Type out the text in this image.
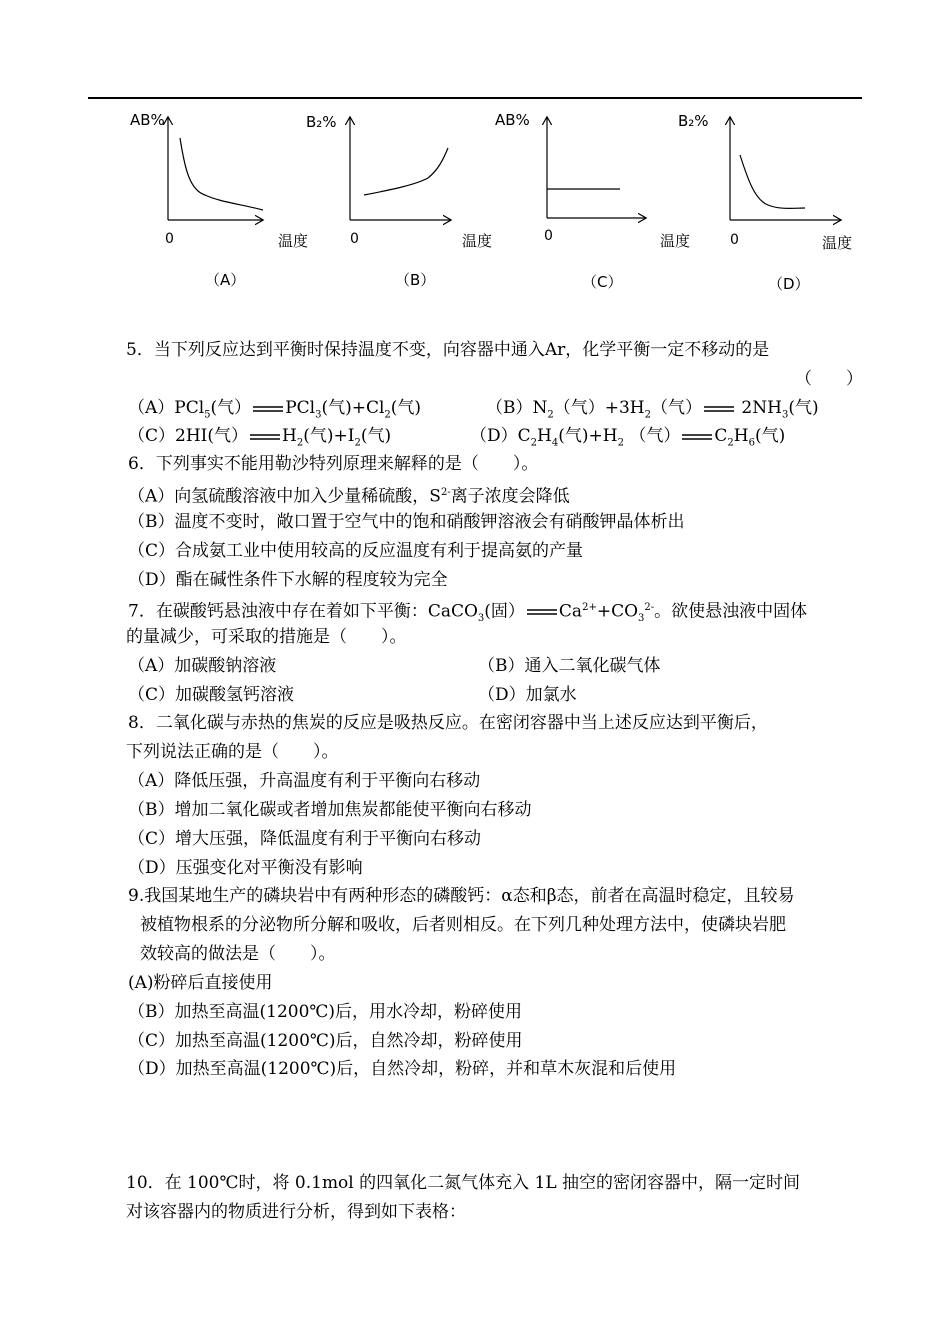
AB%
0	温度
（A）
B₂%
0	温度
（B）
AB%
0	温度
（C）
B₂%
0	温度
（D）
5．当下列反应达到平衡时保持温度不变，向容器中通入Ar，化学平衡一定不移动的是
（　　）
（A）PCl$_5$(气） PCl$_3$(气)$+Cl_2$(气)	$(B)N_2$（气）$+3H_2$（气）
$2NH_3$(气)
（C）2HI(气） $H_2$(气)$+I_2$(气)	$(D)C_2H_4$(气)$+H_2$ （气） $C_2H_6$(气)
6．下列事实不能用勒沙特列原理来解释的是（　　）。
（A）向氢硫酸溶液中加入少量稀硫酸，$S^{2-}$离子浓度会降低
（B）温度不变时，敞口置于空气中的饱和硝酸钾溶液会有硝酸钾晶体析出
（C）合成氨工业中使用较高的反应温度有利于提高氨的产量
（D）酯在碱性条件下水解的程度较为完全
7．在碳酸钙悬浊液中存在着如下平衡：CaCO$_3$(固） $Ca^{2+}+CO_3^{2-}$。欲使悬浊液中固体
的量减少，可采取的措施是（　　）。
（A）加碳酸钠溶液	（B）通入二氧化碳气体
（C）加碳酸氢钙溶液	（D）加氯水
8．二氧化碳与赤热的焦炭的反应是吸热反应。在密闭容器中当上述反应达到平衡后，
下列说法正确的是（　　）。
（A）降低压强，升高温度有利于平衡向右移动
（B）增加二氧化碳或者增加焦炭都能使平衡向右移动
（C）增大压强，降低温度有利于平衡向右移动
（D）压强变化对平衡没有影响
9.我国某地生产的磷块岩中有两种形态的磷酸钙：α态和β态，前者在高温时稳定，且较易
被植物根系的分泌物所分解和吸收，后者则相反。在下列几种处理方法中，使磷块岩肥
效较高的做法是（　　）。
(A)粉碎后直接使用
（B）加热至高温(1200℃)后，用水冷却，粉碎使用
（C）加热至高温(1200℃)后，自然冷却，粉碎使用
（D）加热至高温(1200℃)后，自然冷却，粉碎，并和草木灰混和后使用
10．在 100℃时，将 0.1mol 的四氧化二氮气体充入 1L 抽空的密闭容器中，隔一定时间
对该容器内的物质进行分析，得到如下表格：
